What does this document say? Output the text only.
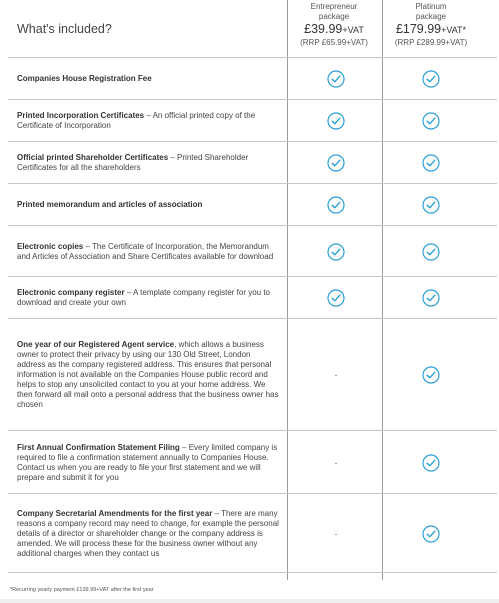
What's included?
Entrepreneur
package
£39.99+VAT
(RRP £65.99+VAT)
Platinum
package
£179.99+VAT*
(RRP £289.99+VAT)
Companies House Registration Fee
Printed Incorporation Certificates – An official printed copy of the Certificate of Incorporation
Official printed Shareholder Certificates – Printed Shareholder Certificates for all the shareholders
Printed memorandum and articles of association
Electronic copies – The Certificate of Incorporation, the Memorandum and Articles of Association and Share Certificates available for download
Electronic company register – A template company register for you to download and create your own
One year of our Registered Agent service, which allows a business owner to protect their privacy by using our 130 Old Street, London address as the company registered address. This ensures that personal information is not available on the Companies House public record and helps to stop any unsolicited contact to you at your home address. We then forward all mail onto a personal address that the business owner has chosen
-
First Annual Confirmation Statement Filing – Every limited company is required to file a confirmation statement annually to Companies House. Contact us when you are ready to file your first statement and we will prepare and submit it for you
-
Company Secretarial Amendments for the first year – There are many reasons a company record may need to change, for example the personal details of a director or shareholder change or the company address is amended. We will process these for the business owner without any additional charges when they contact us
-
*Recurring yearly payment £139.99+VAT after the first year
